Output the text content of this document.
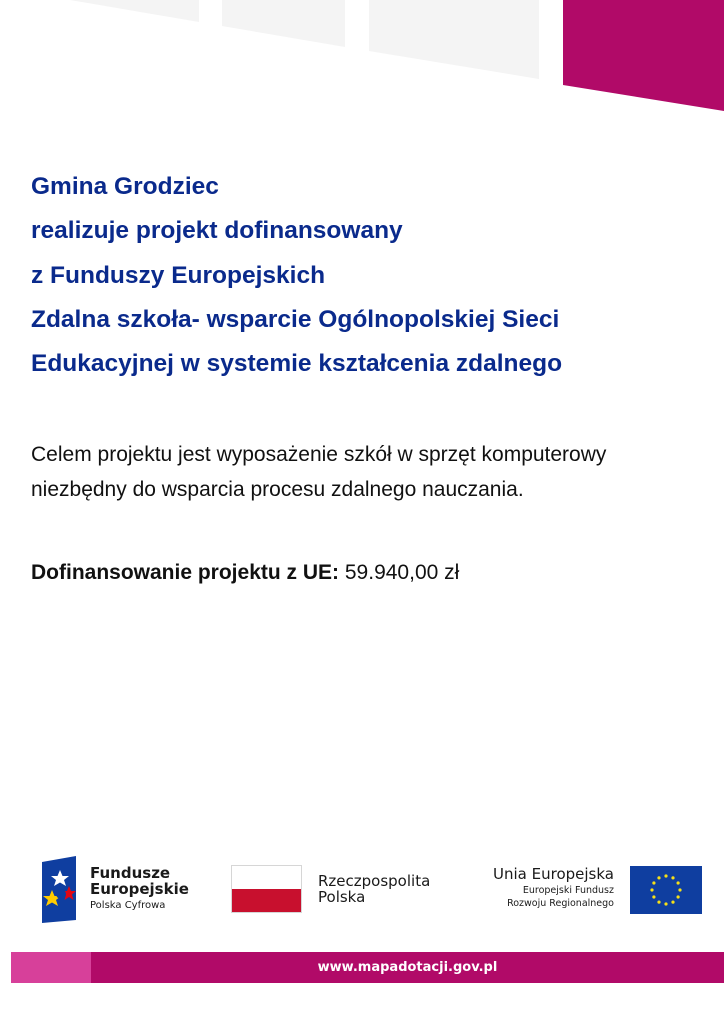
Gmina Grodziec
realizuje projekt dofinansowany
z Funduszy Europejskich
Zdalna szkoła- wsparcie Ogólnopolskiej Sieci
Edukacyjnej w systemie kształcenia zdalnego
Celem projektu jest wyposażenie szkół w sprzęt komputerowy
niezbędny do wsparcia procesu zdalnego nauczania.
Dofinansowanie projektu z UE: 59.940,00 zł
Fundusze
Europejskie
Polska Cyfrowa
Rzeczpospolita
Polska
Unia Europejska
Europejski Fundusz
Rozwoju Regionalnego
www.mapadotacji.gov.pl
